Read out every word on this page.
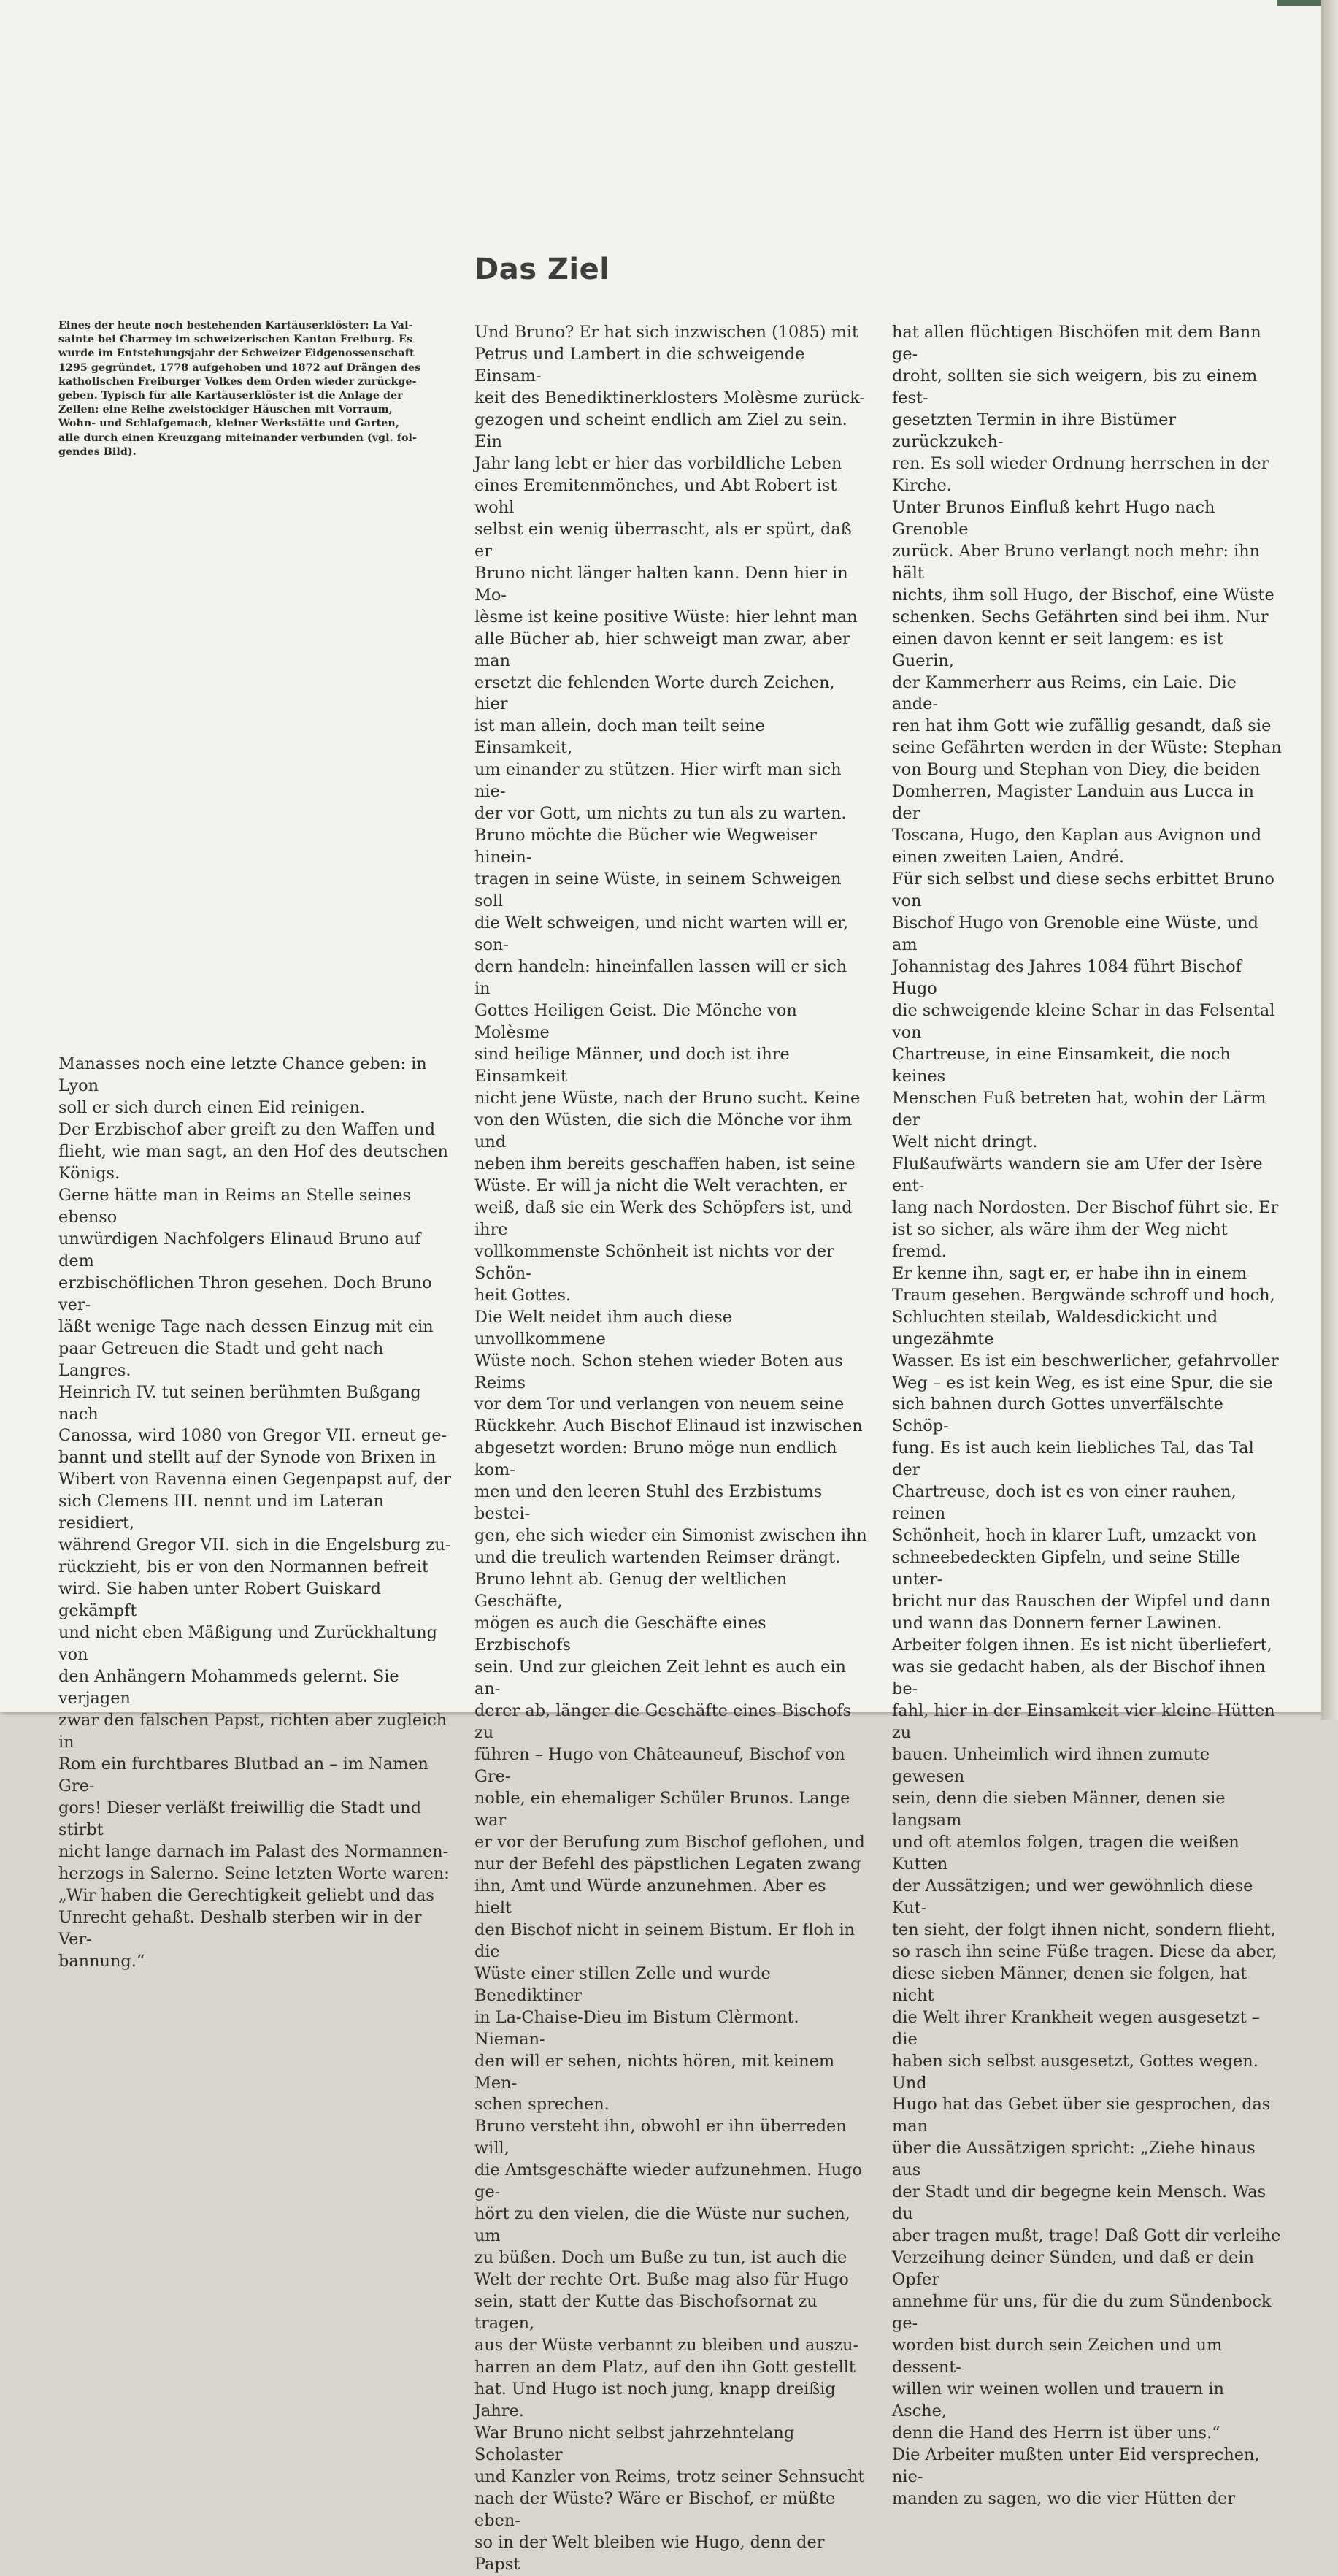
Eines der heute noch bestehenden Kartäuserklöster: La Val-
sainte bei Charmey im schweizerischen Kanton Freiburg. Es
wurde im Entstehungsjahr der Schweizer Eidgenossenschaft
1295 gegründet, 1778 aufgehoben und 1872 auf Drängen des
katholischen Freiburger Volkes dem Orden wieder zurückge-
geben. Typisch für alle Kartäuserklöster ist die Anlage der
Zellen: eine Reihe zweistöckiger Häuschen mit Vorraum,
Wohn- und Schlafgemach, kleiner Werkstätte und Garten,
alle durch einen Kreuzgang miteinander verbunden (vgl. fol-
gendes Bild).
Das Ziel

Manasses noch eine letzte Chance geben: in Lyon
soll er sich durch einen Eid reinigen.
Der Erzbischof aber greift zu den Waffen und
flieht, wie man sagt, an den Hof des deutschen
Königs.
Gerne hätte man in Reims an Stelle seines ebenso
unwürdigen Nachfolgers Elinaud Bruno auf dem
erzbischöflichen Thron gesehen. Doch Bruno ver-
läßt wenige Tage nach dessen Einzug mit ein
paar Getreuen die Stadt und geht nach Langres.
Heinrich IV. tut seinen berühmten Bußgang nach
Canossa, wird 1080 von Gregor VII. erneut ge-
bannt und stellt auf der Synode von Brixen in
Wibert von Ravenna einen Gegenpapst auf, der
sich Clemens III. nennt und im Lateran residiert,
während Gregor VII. sich in die Engelsburg zu-
rückzieht, bis er von den Normannen befreit
wird. Sie haben unter Robert Guiskard gekämpft
und nicht eben Mäßigung und Zurückhaltung von
den Anhängern Mohammeds gelernt. Sie verjagen
zwar den falschen Papst, richten aber zugleich in
Rom ein furchtbares Blutbad an – im Namen Gre-
gors! Dieser verläßt freiwillig die Stadt und stirbt
nicht lange darnach im Palast des Normannen-
herzogs in Salerno. Seine letzten Worte waren:
„Wir haben die Gerechtigkeit geliebt und das
Unrecht gehaßt. Deshalb sterben wir in der Ver-
bannung.“

Und Bruno? Er hat sich inzwischen (1085) mit
Petrus und Lambert in die schweigende Einsam-
keit des Benediktinerklosters Molèsme zurück-
gezogen und scheint endlich am Ziel zu sein. Ein
Jahr lang lebt er hier das vorbildliche Leben
eines Eremitenmönches, und Abt Robert ist wohl
selbst ein wenig überrascht, als er spürt, daß er
Bruno nicht länger halten kann. Denn hier in Mo-
lèsme ist keine positive Wüste: hier lehnt man
alle Bücher ab, hier schweigt man zwar, aber man
ersetzt die fehlenden Worte durch Zeichen, hier
ist man allein, doch man teilt seine Einsamkeit,
um einander zu stützen. Hier wirft man sich nie-
der vor Gott, um nichts zu tun als zu warten.
Bruno möchte die Bücher wie Wegweiser hinein-
tragen in seine Wüste, in seinem Schweigen soll
die Welt schweigen, und nicht warten will er, son-
dern handeln: hineinfallen lassen will er sich in
Gottes Heiligen Geist. Die Mönche von Molèsme
sind heilige Männer, und doch ist ihre Einsamkeit
nicht jene Wüste, nach der Bruno sucht. Keine
von den Wüsten, die sich die Mönche vor ihm und
neben ihm bereits geschaffen haben, ist seine
Wüste. Er will ja nicht die Welt verachten, er
weiß, daß sie ein Werk des Schöpfers ist, und ihre
vollkommenste Schönheit ist nichts vor der Schön-
heit Gottes.
Die Welt neidet ihm auch diese unvollkommene
Wüste noch. Schon stehen wieder Boten aus Reims
vor dem Tor und verlangen von neuem seine
Rückkehr. Auch Bischof Elinaud ist inzwischen
abgesetzt worden: Bruno möge nun endlich kom-
men und den leeren Stuhl des Erzbistums bestei-
gen, ehe sich wieder ein Simonist zwischen ihn
und die treulich wartenden Reimser drängt.
Bruno lehnt ab. Genug der weltlichen Geschäfte,
mögen es auch die Geschäfte eines Erzbischofs
sein. Und zur gleichen Zeit lehnt es auch ein an-
derer ab, länger die Geschäfte eines Bischofs zu
führen – Hugo von Châteauneuf, Bischof von Gre-
noble, ein ehemaliger Schüler Brunos. Lange war
er vor der Berufung zum Bischof geflohen, und
nur der Befehl des päpstlichen Legaten zwang
ihn, Amt und Würde anzunehmen. Aber es hielt
den Bischof nicht in seinem Bistum. Er floh in die
Wüste einer stillen Zelle und wurde Benediktiner
in La-Chaise-Dieu im Bistum Clèrmont. Nieman-
den will er sehen, nichts hören, mit keinem Men-
schen sprechen.
Bruno versteht ihn, obwohl er ihn überreden will,
die Amtsgeschäfte wieder aufzunehmen. Hugo ge-
hört zu den vielen, die die Wüste nur suchen, um
zu büßen. Doch um Buße zu tun, ist auch die
Welt der rechte Ort. Buße mag also für Hugo
sein, statt der Kutte das Bischofsornat zu tragen,
aus der Wüste verbannt zu bleiben und auszu-
harren an dem Platz, auf den ihn Gott gestellt
hat. Und Hugo ist noch jung, knapp dreißig Jahre.
War Bruno nicht selbst jahrzehntelang Scholaster
und Kanzler von Reims, trotz seiner Sehnsucht
nach der Wüste? Wäre er Bischof, er müßte eben-
so in der Welt bleiben wie Hugo, denn der Papst

hat allen flüchtigen Bischöfen mit dem Bann ge-
droht, sollten sie sich weigern, bis zu einem fest-
gesetzten Termin in ihre Bistümer zurückzukeh-
ren. Es soll wieder Ordnung herrschen in der
Kirche.
Unter Brunos Einfluß kehrt Hugo nach Grenoble
zurück. Aber Bruno verlangt noch mehr: ihn hält
nichts, ihm soll Hugo, der Bischof, eine Wüste
schenken. Sechs Gefährten sind bei ihm. Nur
einen davon kennt er seit langem: es ist Guerin,
der Kammerherr aus Reims, ein Laie. Die ande-
ren hat ihm Gott wie zufällig gesandt, daß sie
seine Gefährten werden in der Wüste: Stephan
von Bourg und Stephan von Diey, die beiden
Domherren, Magister Landuin aus Lucca in der
Toscana, Hugo, den Kaplan aus Avignon und
einen zweiten Laien, André.
Für sich selbst und diese sechs erbittet Bruno von
Bischof Hugo von Grenoble eine Wüste, und am
Johannistag des Jahres 1084 führt Bischof Hugo
die schweigende kleine Schar in das Felsental von
Chartreuse, in eine Einsamkeit, die noch keines
Menschen Fuß betreten hat, wohin der Lärm der
Welt nicht dringt.
Flußaufwärts wandern sie am Ufer der Isère ent-
lang nach Nordosten. Der Bischof führt sie. Er
ist so sicher, als wäre ihm der Weg nicht fremd.
Er kenne ihn, sagt er, er habe ihn in einem
Traum gesehen. Bergwände schroff und hoch,
Schluchten steilab, Waldesdickicht und ungezähmte
Wasser. Es ist ein beschwerlicher, gefahrvoller
Weg – es ist kein Weg, es ist eine Spur, die sie
sich bahnen durch Gottes unverfälschte Schöp-
fung. Es ist auch kein liebliches Tal, das Tal der
Chartreuse, doch ist es von einer rauhen, reinen
Schönheit, hoch in klarer Luft, umzackt von
schneebedeckten Gipfeln, und seine Stille unter-
bricht nur das Rauschen der Wipfel und dann
und wann das Donnern ferner Lawinen.
Arbeiter folgen ihnen. Es ist nicht überliefert,
was sie gedacht haben, als der Bischof ihnen be-
fahl, hier in der Einsamkeit vier kleine Hütten zu
bauen. Unheimlich wird ihnen zumute gewesen
sein, denn die sieben Männer, denen sie langsam
und oft atemlos folgen, tragen die weißen Kutten
der Aussätzigen; und wer gewöhnlich diese Kut-
ten sieht, der folgt ihnen nicht, sondern flieht,
so rasch ihn seine Füße tragen. Diese da aber,
diese sieben Männer, denen sie folgen, hat nicht
die Welt ihrer Krankheit wegen ausgesetzt – die
haben sich selbst ausgesetzt, Gottes wegen. Und
Hugo hat das Gebet über sie gesprochen, das man
über die Aussätzigen spricht: „Ziehe hinaus aus
der Stadt und dir begegne kein Mensch. Was du
aber tragen mußt, trage! Daß Gott dir verleihe
Verzeihung deiner Sünden, und daß er dein Opfer
annehme für uns, für die du zum Sündenbock ge-
worden bist durch sein Zeichen und um dessent-
willen wir weinen wollen und trauern in Asche,
denn die Hand des Herrn ist über uns.“
Die Arbeiter mußten unter Eid versprechen, nie-
manden zu sagen, wo die vier Hütten der
